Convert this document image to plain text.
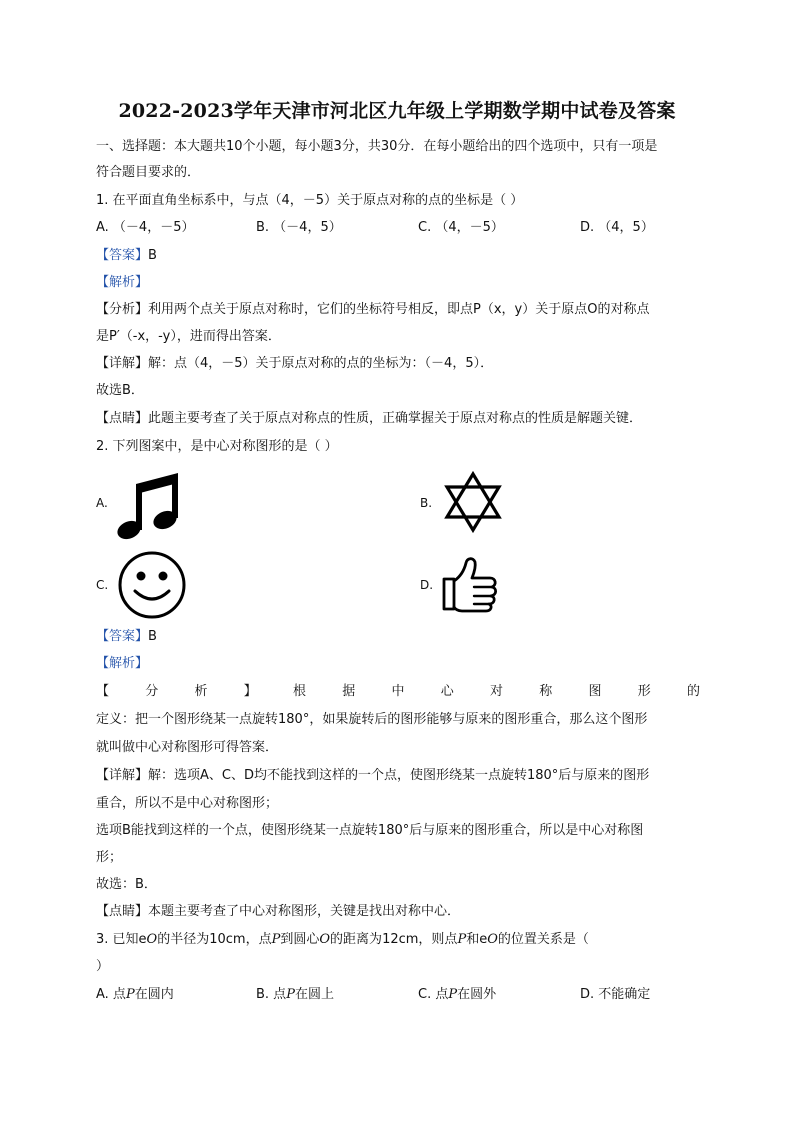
2022-2023学年天津市河北区九年级上学期数学期中试卷及答案
一、选择题：本大题共10个小题，每小题3分，共30分．在每小题给出的四个选项中，只有一项是
符合题目要求的．
1. 在平面直角坐标系中，与点（4，－5）关于原点对称的点的坐标是（ ）
A. （－4，－5）	B. （－4，5）	C. （4，－5）	D. （4，5）
【答案】B
【解析】
【分析】利用两个点关于原点对称时，它们的坐标符号相反，即点P（x，y）关于原点O的对称点
是P′（-x，-y），进而得出答案．
【详解】解：点（4，－5）关于原点对称的点的坐标为：（－4，5）．
故选B．
【点睛】此题主要考查了关于原点对称点的性质，正确掌握关于原点对称点的性质是解题关键．
2. 下列图案中，是中心对称图形的是（ ）
A.	B.
C.	D.
【答案】B
【解析】
【 分 析 】 根 据 中 心 对 称 图 形 的
定义：把一个图形绕某一点旋转180°，如果旋转后的图形能够与原来的图形重合，那么这个图形
就叫做中心对称图形可得答案．
【详解】解：选项A、C、D均不能找到这样的一个点，使图形绕某一点旋转180°后与原来的图形
重合，所以不是中心对称图形；
选项B能找到这样的一个点，使图形绕某一点旋转180°后与原来的图形重合，所以是中心对称图
形；
故选：B．
【点睛】本题主要考查了中心对称图形，关键是找出对称中心．
3. 已知eO的半径为10cm，点P到圆心O的距离为12cm，则点P和eO的位置关系是（
）
A. 点P在圆内	B. 点P在圆上	C. 点P在圆外	D. 不能确定
